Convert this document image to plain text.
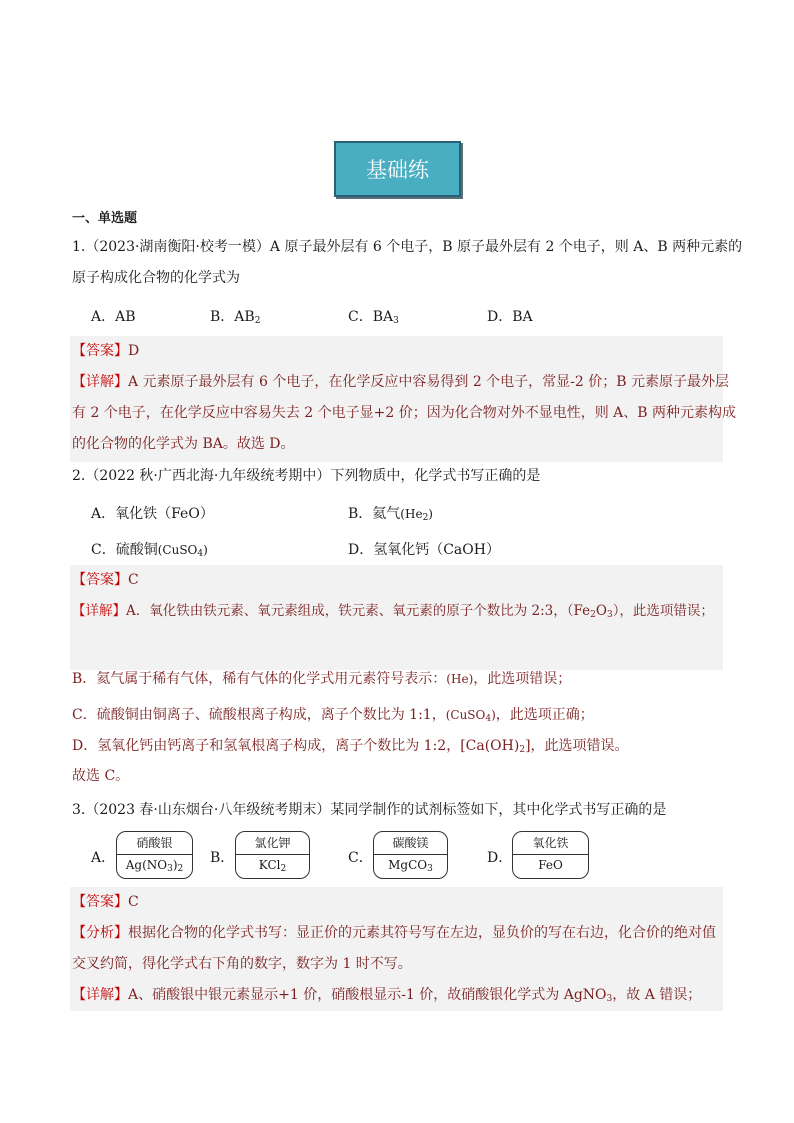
基础练
一、单选题
1.（2023·湖南衡阳·校考一模）A 原子最外层有 6 个电子，B 原子最外层有 2 个电子，则 A、B 两种元素的
原子构成化合物的化学式为
A．AB	B．$AB_2$	C．$BA_3$	D．BA
【答案】D
【详解】A 元素原子最外层有 6 个电子，在化学反应中容易得到 2 个电子，常显-2 价；B 元素原子最外层
有 2 个电子，在化学反应中容易失去 2 个电子显+2 价；因为化合物对外不显电性，则 A、B 两种元素构成
的化合物的化学式为 BA。故选 D。
2.（2022 秋·广西北海·九年级统考期中）下列物质中，化学式书写正确的是
A．氧化铁（FeO）	B．氦气$(He_2)$
C．硫酸铜(CuSO$_4$)	D．氢氧化钙（CaOH）
【答案】C
【详解】A．氧化铁由铁元素、氧元素组成，铁元素、氧元素的原子个数比为 2:3，$(Fe_2O_3)$，此选项错误；
B．氦气属于稀有气体，稀有气体的化学式用元素符号表示：(He)，此选项错误；
C．硫酸铜由铜离子、硫酸根离子构成，离子个数比为 1:1，(CuSO$_4$)，此选项正确；
D．氢氧化钙由钙离子和氢氧根离子构成，离子个数比为 1:2，$[Ca(OH)_2]$，此选项错误。
故选 C。
3.（2023 春·山东烟台·八年级统考期末）某同学制作的试剂标签如下，其中化学式书写正确的是
A．
硝酸银
$Ag(NO_3)_2$
B．
氯化钾
KCl$_2$
C．
碳酸镁
MgCO$_3$
D．
氧化铁
FeO
【答案】C
【分析】根据化合物的化学式书写：显正价的元素其符号写在左边，显负价的写在右边，化合价的绝对值
交叉约简，得化学式右下角的数字，数字为 1 时不写。
【详解】A、硝酸银中银元素显示+1 价，硝酸根显示-1 价，故硝酸银化学式为 AgNO$_3$，故 A 错误；
